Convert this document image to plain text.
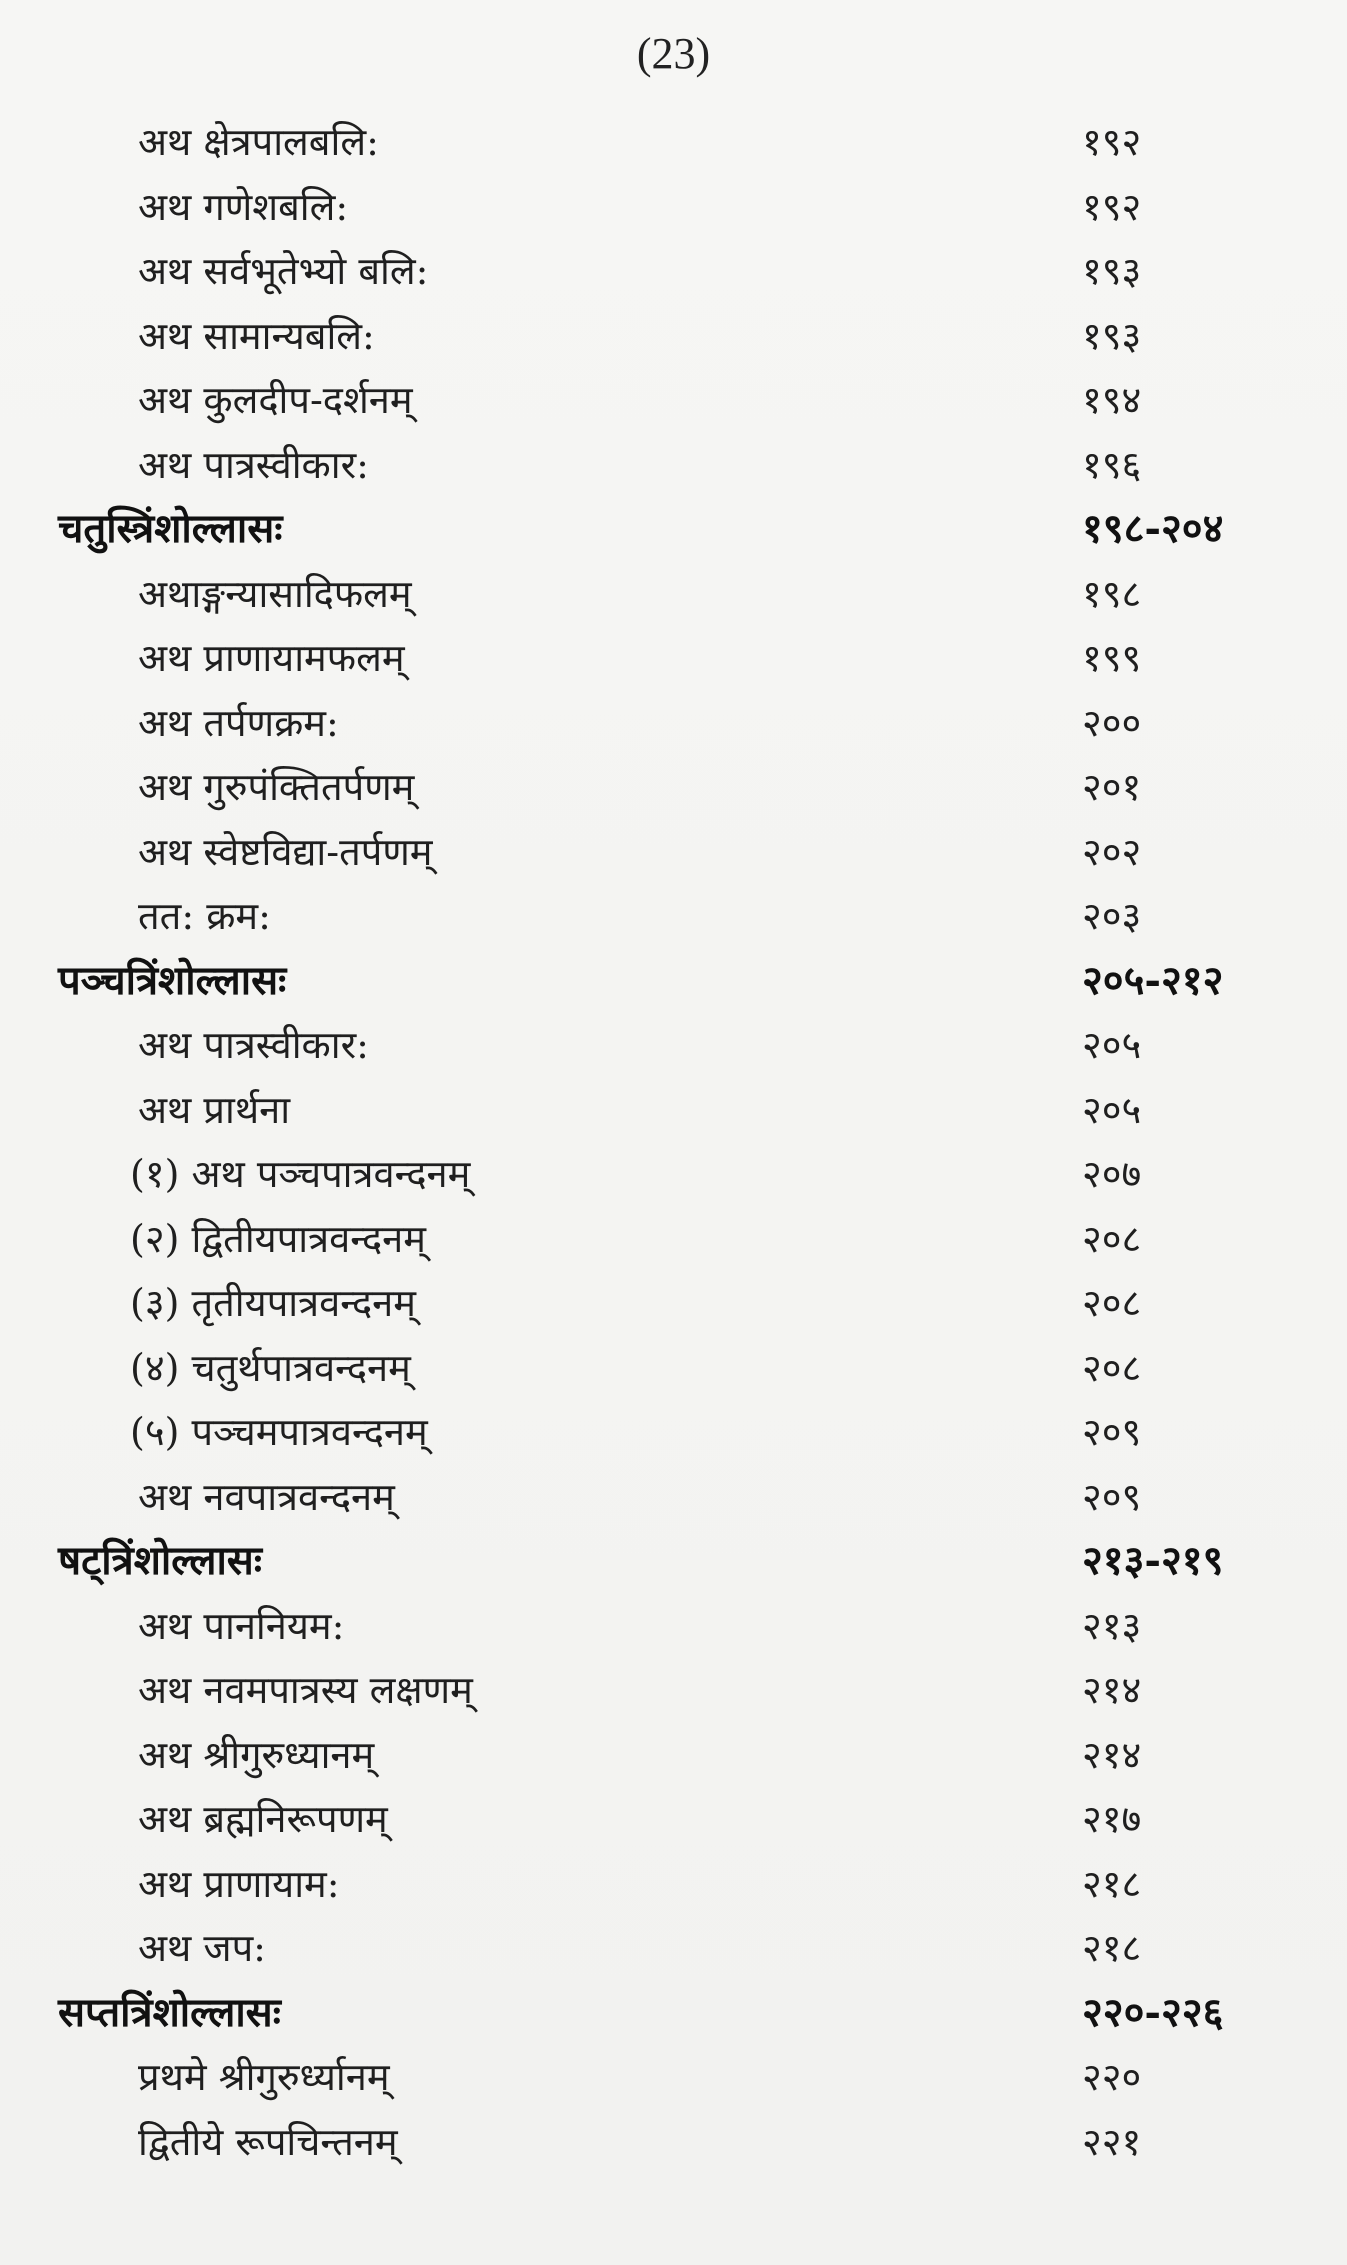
(23)
अथ क्षेत्रपालबलि:	१९२
अथ गणेशबलि:	१९२
अथ सर्वभूतेभ्यो बलि:	१९३
अथ सामान्यबलि:	१९३
अथ कुलदीप-दर्शनम्	१९४
अथ पात्रस्वीकार:	१९६
चतुस्त्रिंशोल्लासः	१९८-२०४
अथाङ्गन्यासादिफलम्	१९८
अथ प्राणायामफलम्	१९९
अथ तर्पणक्रम:	२००
अथ गुरुपंक्तितर्पणम्	२०१
अथ स्वेष्टविद्या-तर्पणम्	२०२
तत: क्रम:	२०३
पञ्चत्रिंशोल्लासः	२०५-२१२
अथ पात्रस्वीकार:	२०५
अथ प्रार्थना	२०५
(१) अथ पञ्चपात्रवन्दनम्	२०७
(२) द्वितीयपात्रवन्दनम्	२०८
(३) तृतीयपात्रवन्दनम्	२०८
(४) चतुर्थपात्रवन्दनम्	२०८
(५) पञ्चमपात्रवन्दनम्	२०९
अथ नवपात्रवन्दनम्	२०९
षट्त्रिंशोल्लासः	२१३-२१९
अथ पाननियम:	२१३
अथ नवमपात्रस्य लक्षणम्	२१४
अथ श्रीगुरुध्यानम्	२१४
अथ ब्रह्मनिरूपणम्	२१७
अथ प्राणायाम:	२१८
अथ जप:	२१८
सप्तत्रिंशोल्लासः	२२०-२२६
प्रथमे श्रीगुरुर्ध्यानम्	२२०
द्वितीये रूपचिन्तनम्	२२१
